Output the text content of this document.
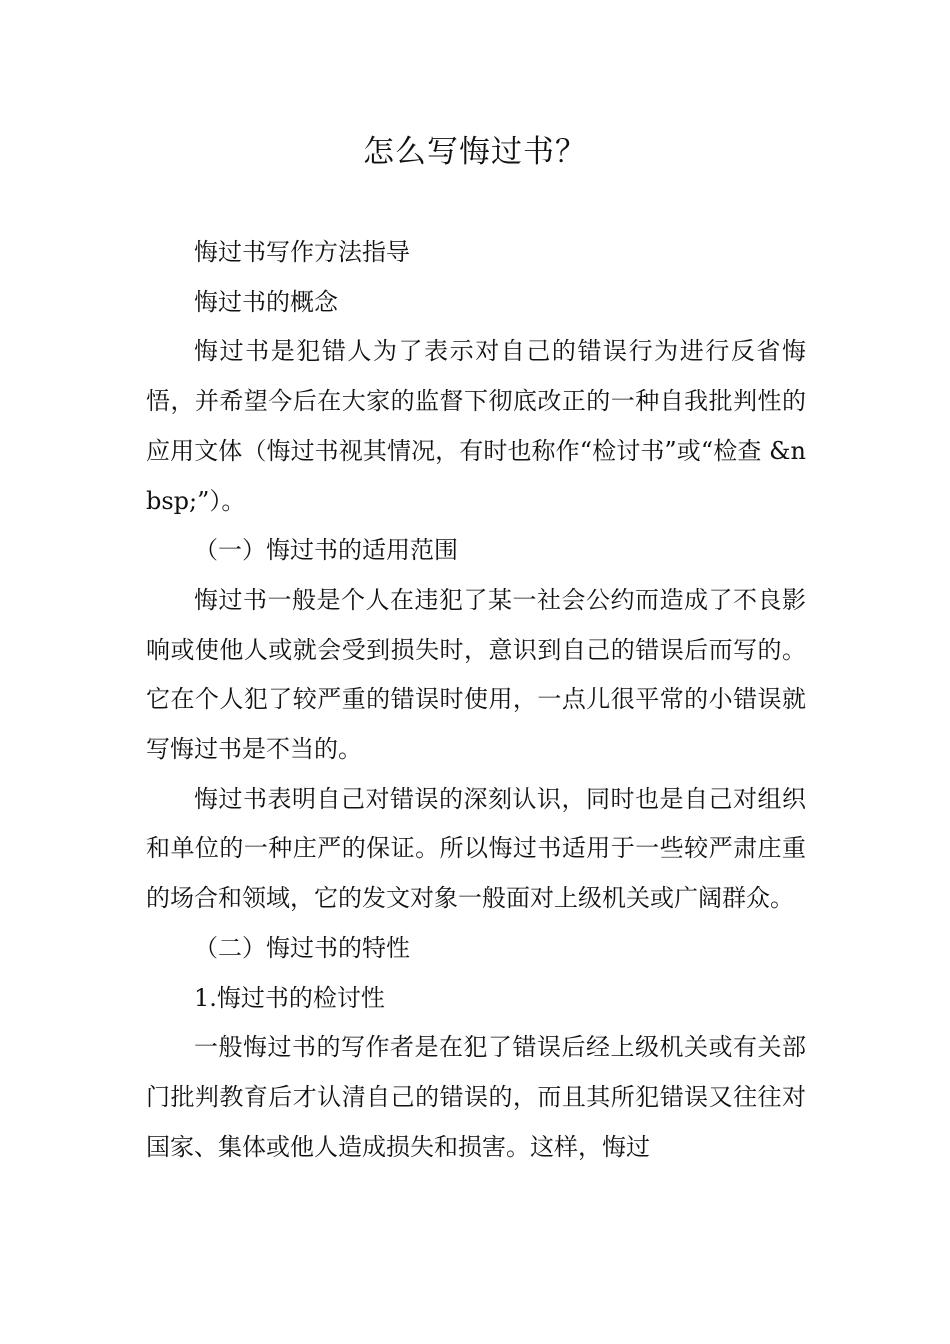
怎么写悔过书？

悔过书写作方法指导

悔过书的概念

悔过书是犯错人为了表示对自己的错误行为进行反省悔悟，并希望今后在大家的监督下彻底改正的一种自我批判性的应用文体（悔过书视其情况，有时也称作“检讨书”或“检查 &nbsp;”）。

（一）悔过书的适用范围

悔过书一般是个人在违犯了某一社会公约而造成了不良影响或使他人或就会受到损失时，意识到自己的错误后而写的。它在个人犯了较严重的错误时使用，一点儿很平常的小错误就写悔过书是不当的。

悔过书表明自己对错误的深刻认识，同时也是自己对组织和单位的一种庄严的保证。所以悔过书适用于一些较严肃庄重的场合和领域，它的发文对象一般面对上级机关或广阔群众。

（二）悔过书的特性

1.悔过书的检讨性

一般悔过书的写作者是在犯了错误后经上级机关或有关部门批判教育后才认清自己的错误的，而且其所犯错误又往往对国家、集体或他人造成损失和损害。这样，悔过
